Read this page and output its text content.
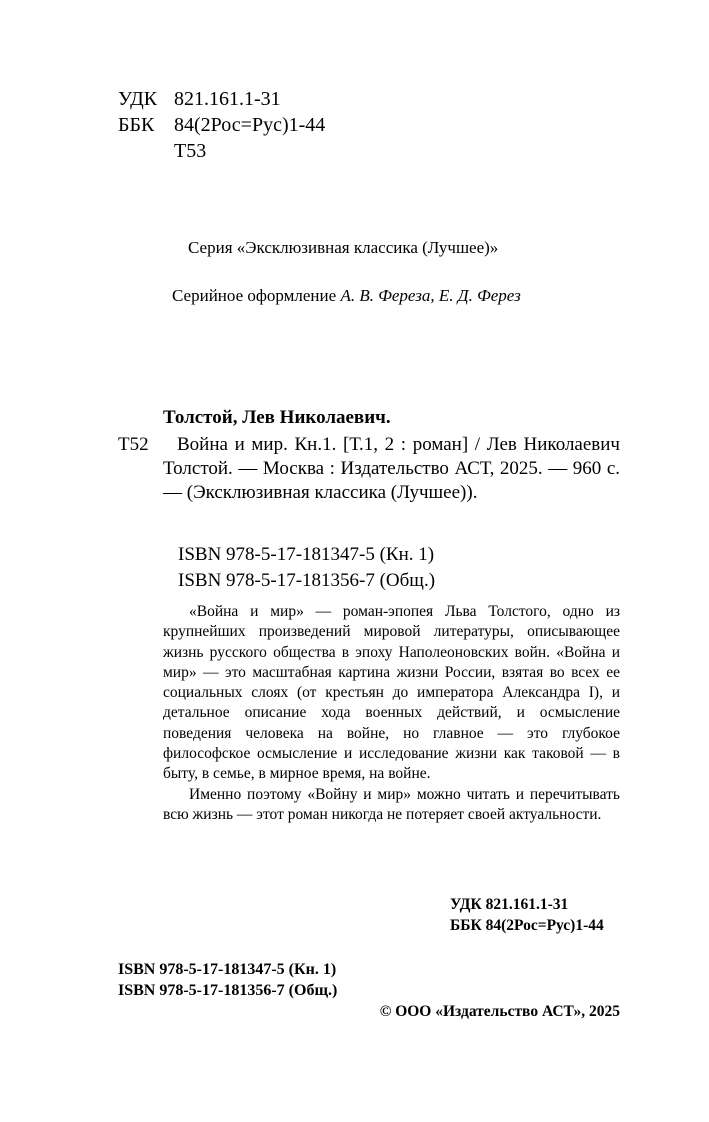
УДК 821.161.1-31
ББК 84(2Рос=Рус)1-44
Т53
Серия «Эксклюзивная классика (Лучшее)»
Серийное оформление А. В. Фереза, Е. Д. Ферез
Толстой, Лев Николаевич.
Т52	Война и мир. Кн.1. [Т.1, 2 : роман] / Лев Николаевич Толстой. — Москва : Издательство АСТ, 2025. — 960 с. — (Эксклюзивная классика (Лучшее)).
ISBN 978-5-17-181347-5 (Кн. 1)
ISBN 978-5-17-181356-7 (Общ.)

«Война и мир» — роман-эпопея Льва Толстого, одно из крупнейших произведений мировой литературы, описывающее жизнь русского общества в эпоху Наполеоновских войн. «Война и мир» — это масштабная картина жизни России, взятая во всех ее социальных слоях (от крестьян до императора Александра I), и детальное описание хода военных действий, и осмысление поведения человека на войне, но главное — это глубокое философское осмысление и исследование жизни как таковой — в быту, в семье, в мирное время, на войне.

Именно поэтому «Войну и мир» можно читать и перечитывать всю жизнь — этот роман никогда не потеряет своей актуальности.

УДК 821.161.1-31
ББК 84(2Рос=Рус)1-44
ISBN 978-5-17-181347-5 (Кн. 1)
ISBN 978-5-17-181356-7 (Общ.)
© ООО «Издательство АСТ», 2025
